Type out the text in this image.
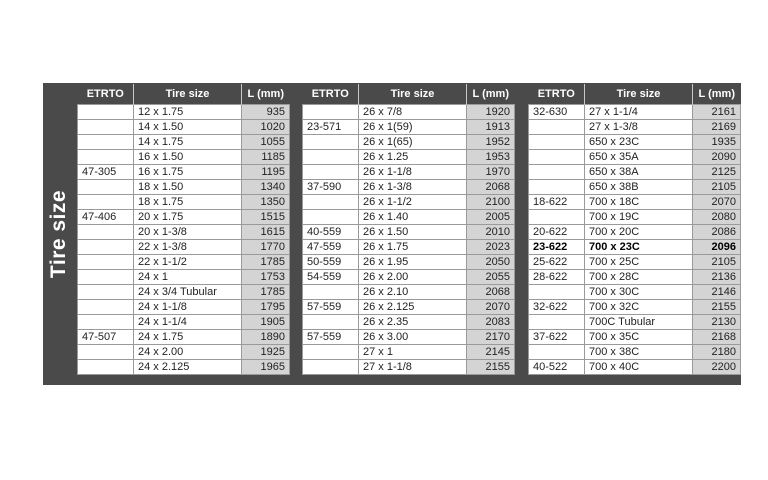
Tire size
ETRTO	Tire size	L (mm)
	12 x 1.75	935
	14 x 1.50	1020
	14 x 1.75	1055
	16 x 1.50	1185
47-305	16 x 1.75	1195
	18 x 1.50	1340
	18 x 1.75	1350
47-406	20 x 1.75	1515
	20 x 1-3/8	1615
	22 x 1-3/8	1770
	22 x 1-1/2	1785
	24 x 1	1753
	24 x 3/4 Tubular	1785
	24 x 1-1/8	1795
	24 x 1-1/4	1905
47-507	24 x 1.75	1890
	24 x 2.00	1925
	24 x 2.125	1965
ETRTO	Tire size	L (mm)
	26 x 7/8	1920
23-571	26 x 1(59)	1913
	26 x 1(65)	1952
	26 x 1.25	1953
	26 x 1-1/8	1970
37-590	26 x 1-3/8	2068
	26 x 1-1/2	2100
	26 x 1.40	2005
40-559	26 x 1.50	2010
47-559	26 x 1.75	2023
50-559	26 x 1.95	2050
54-559	26 x 2.00	2055
	26 x 2.10	2068
57-559	26 x 2.125	2070
	26 x 2.35	2083
57-559	26 x 3.00	2170
	27 x 1	2145
	27 x 1-1/8	2155
ETRTO	Tire size	L (mm)
32-630	27 x 1-1/4	2161
	27 x 1-3/8	2169
	650 x 23C	1935
	650 x 35A	2090
	650 x 38A	2125
	650 x 38B	2105
18-622	700 x 18C	2070
	700 x 19C	2080
20-622	700 x 20C	2086
23-622	700 x 23C	2096
25-622	700 x 25C	2105
28-622	700 x 28C	2136
	700 x 30C	2146
32-622	700 x 32C	2155
	700C Tubular	2130
37-622	700 x 35C	2168
	700 x 38C	2180
40-522	700 x 40C	2200
